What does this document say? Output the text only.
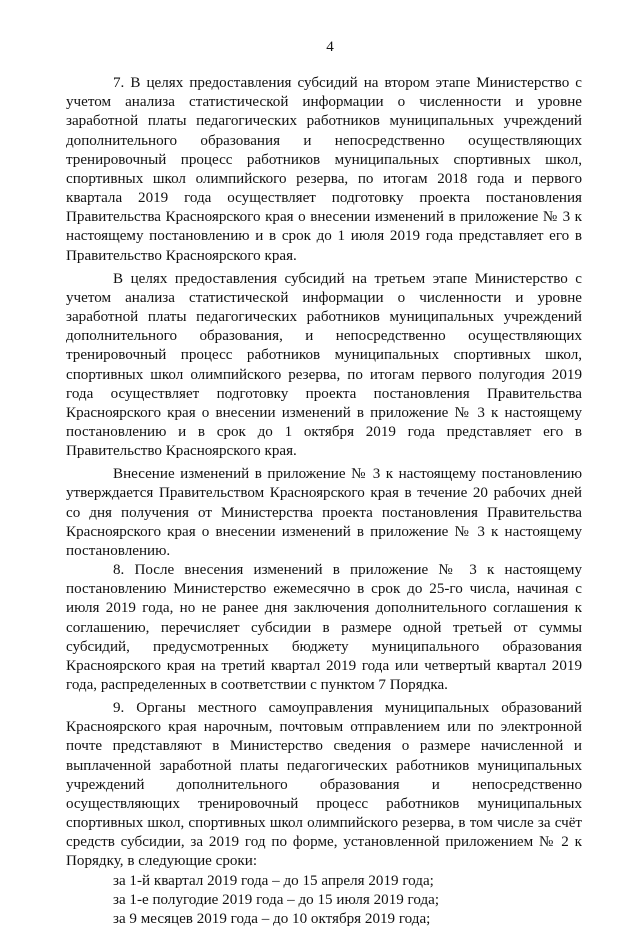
4

7. В целях предоставления субсидий на втором этапе Министерство с учетом анализа статистической информации о численности и уровне заработной платы педагогических работников муниципальных учреждений дополнительного образования и непосредственно осуществляющих тренировочный процесс работников муниципальных спортивных школ, спортивных школ олимпийского резерва, по итогам 2018 года и первого квартала 2019 года осуществляет подготовку проекта постановления Правительства Красноярского края о внесении изменений в приложение № 3 к настоящему постановлению и в срок до 1 июля 2019 года представляет его в Правительство Красноярского края.

В целях предоставления субсидий на третьем этапе Министерство с учетом анализа статистической информации о численности и уровне заработной платы педагогических работников муниципальных учреждений дополнительного образования, и непосредственно осуществляющих тренировочный процесс работников муниципальных спортивных школ, спортивных школ олимпийского резерва, по итогам первого полугодия 2019 года осуществляет подготовку проекта постановления Правительства Красноярского края о внесении изменений в приложение № 3 к настоящему постановлению и в срок до 1 октября 2019 года представляет его в Правительство Красноярского края.

Внесение изменений в приложение № 3 к настоящему постановлению утверждается Правительством Красноярского края в течение 20 рабочих дней со дня получения от Министерства проекта постановления Правительства Красноярского края о внесении изменений в приложение № 3 к настоящему постановлению.

8. После внесения изменений в приложение № 3 к настоящему постановлению Министерство ежемесячно в срок до 25-го числа, начиная с июля 2019 года, но не ранее дня заключения дополнительного соглашения к соглашению, перечисляет субсидии в размере одной третьей от суммы субсидий, предусмотренных бюджету муниципального образования Красноярского края на третий квартал 2019 года или четвертый квартал 2019 года, распределенных в соответствии с пунктом 7 Порядка.

9. Органы местного самоуправления муниципальных образований Красноярского края нарочным, почтовым отправлением или по электронной почте представляют в Министерство сведения о размере начисленной и выплаченной заработной платы педагогических работников муниципальных учреждений дополнительного образования и непосредственно осуществляющих тренировочный процесс работников муниципальных спортивных школ, спортивных школ олимпийского резерва, в том числе за счёт средств субсидии, за 2019 год по форме, установленной приложением № 2 к Порядку, в следующие сроки:

за 1-й квартал 2019 года – до 15 апреля 2019 года;

за 1-е полугодие 2019 года – до 15 июля 2019 года;

за 9 месяцев 2019 года – до 10 октября 2019 года;
